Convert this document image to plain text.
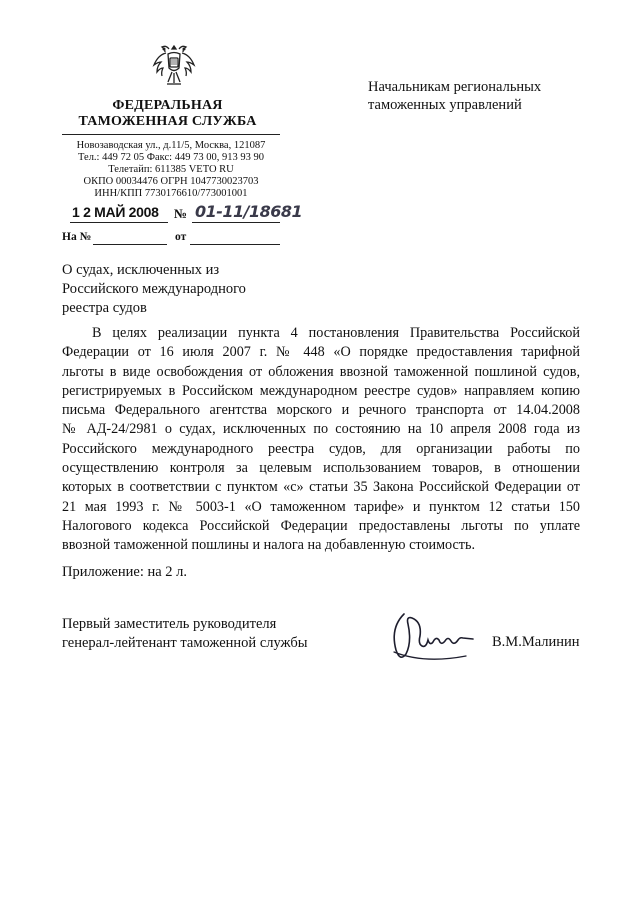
ФЕДЕРАЛЬНАЯ
ТАМОЖЕННАЯ СЛУЖБА
Новозаводская ул., д.11/5, Москва, 121087
Тел.: 449 72 05 Факс: 449 73 00, 913 93 90
Телетайп: 611385 VETO RU
ОКПО 00034476 ОГРН 1047730023703
ИНН/КПП 7730176610/773001001
1 2 МАЙ 2008 № 01-11/18681
На №	от
Начальникам региональных
таможенных управлений
О судах, исключенных из
Российского международного
реестра судов
В целях реализации пункта 4 постановления Правительства Российской
Федерации от 16 июля 2007 г. № 448 «О порядке предоставления тарифной
льготы в виде освобождения от обложения ввозной таможенной пошлиной судов,
регистрируемых в Российском международном реестре судов» направляем копию
письма Федерального агентства морского и речного транспорта от 14.04.2008
№ АД-24/2981 о судах, исключенных по состоянию на 10 апреля 2008 года из
Российского международного реестра судов, для организации работы по
осуществлению контроля за целевым использованием товаров, в отношении
которых в соответствии с пунктом «с» статьи 35 Закона Российской Федерации от
21 мая 1993 г. № 5003-1 «О таможенном тарифе» и пунктом 12 статьи 150
Налогового кодекса Российской Федерации предоставлены льготы по уплате
ввозной таможенной пошлины и налога на добавленную стоимость.
Приложение: на 2 л.
Первый заместитель руководителя
генерал-лейтенант таможенной службы	В.М.Малинин
